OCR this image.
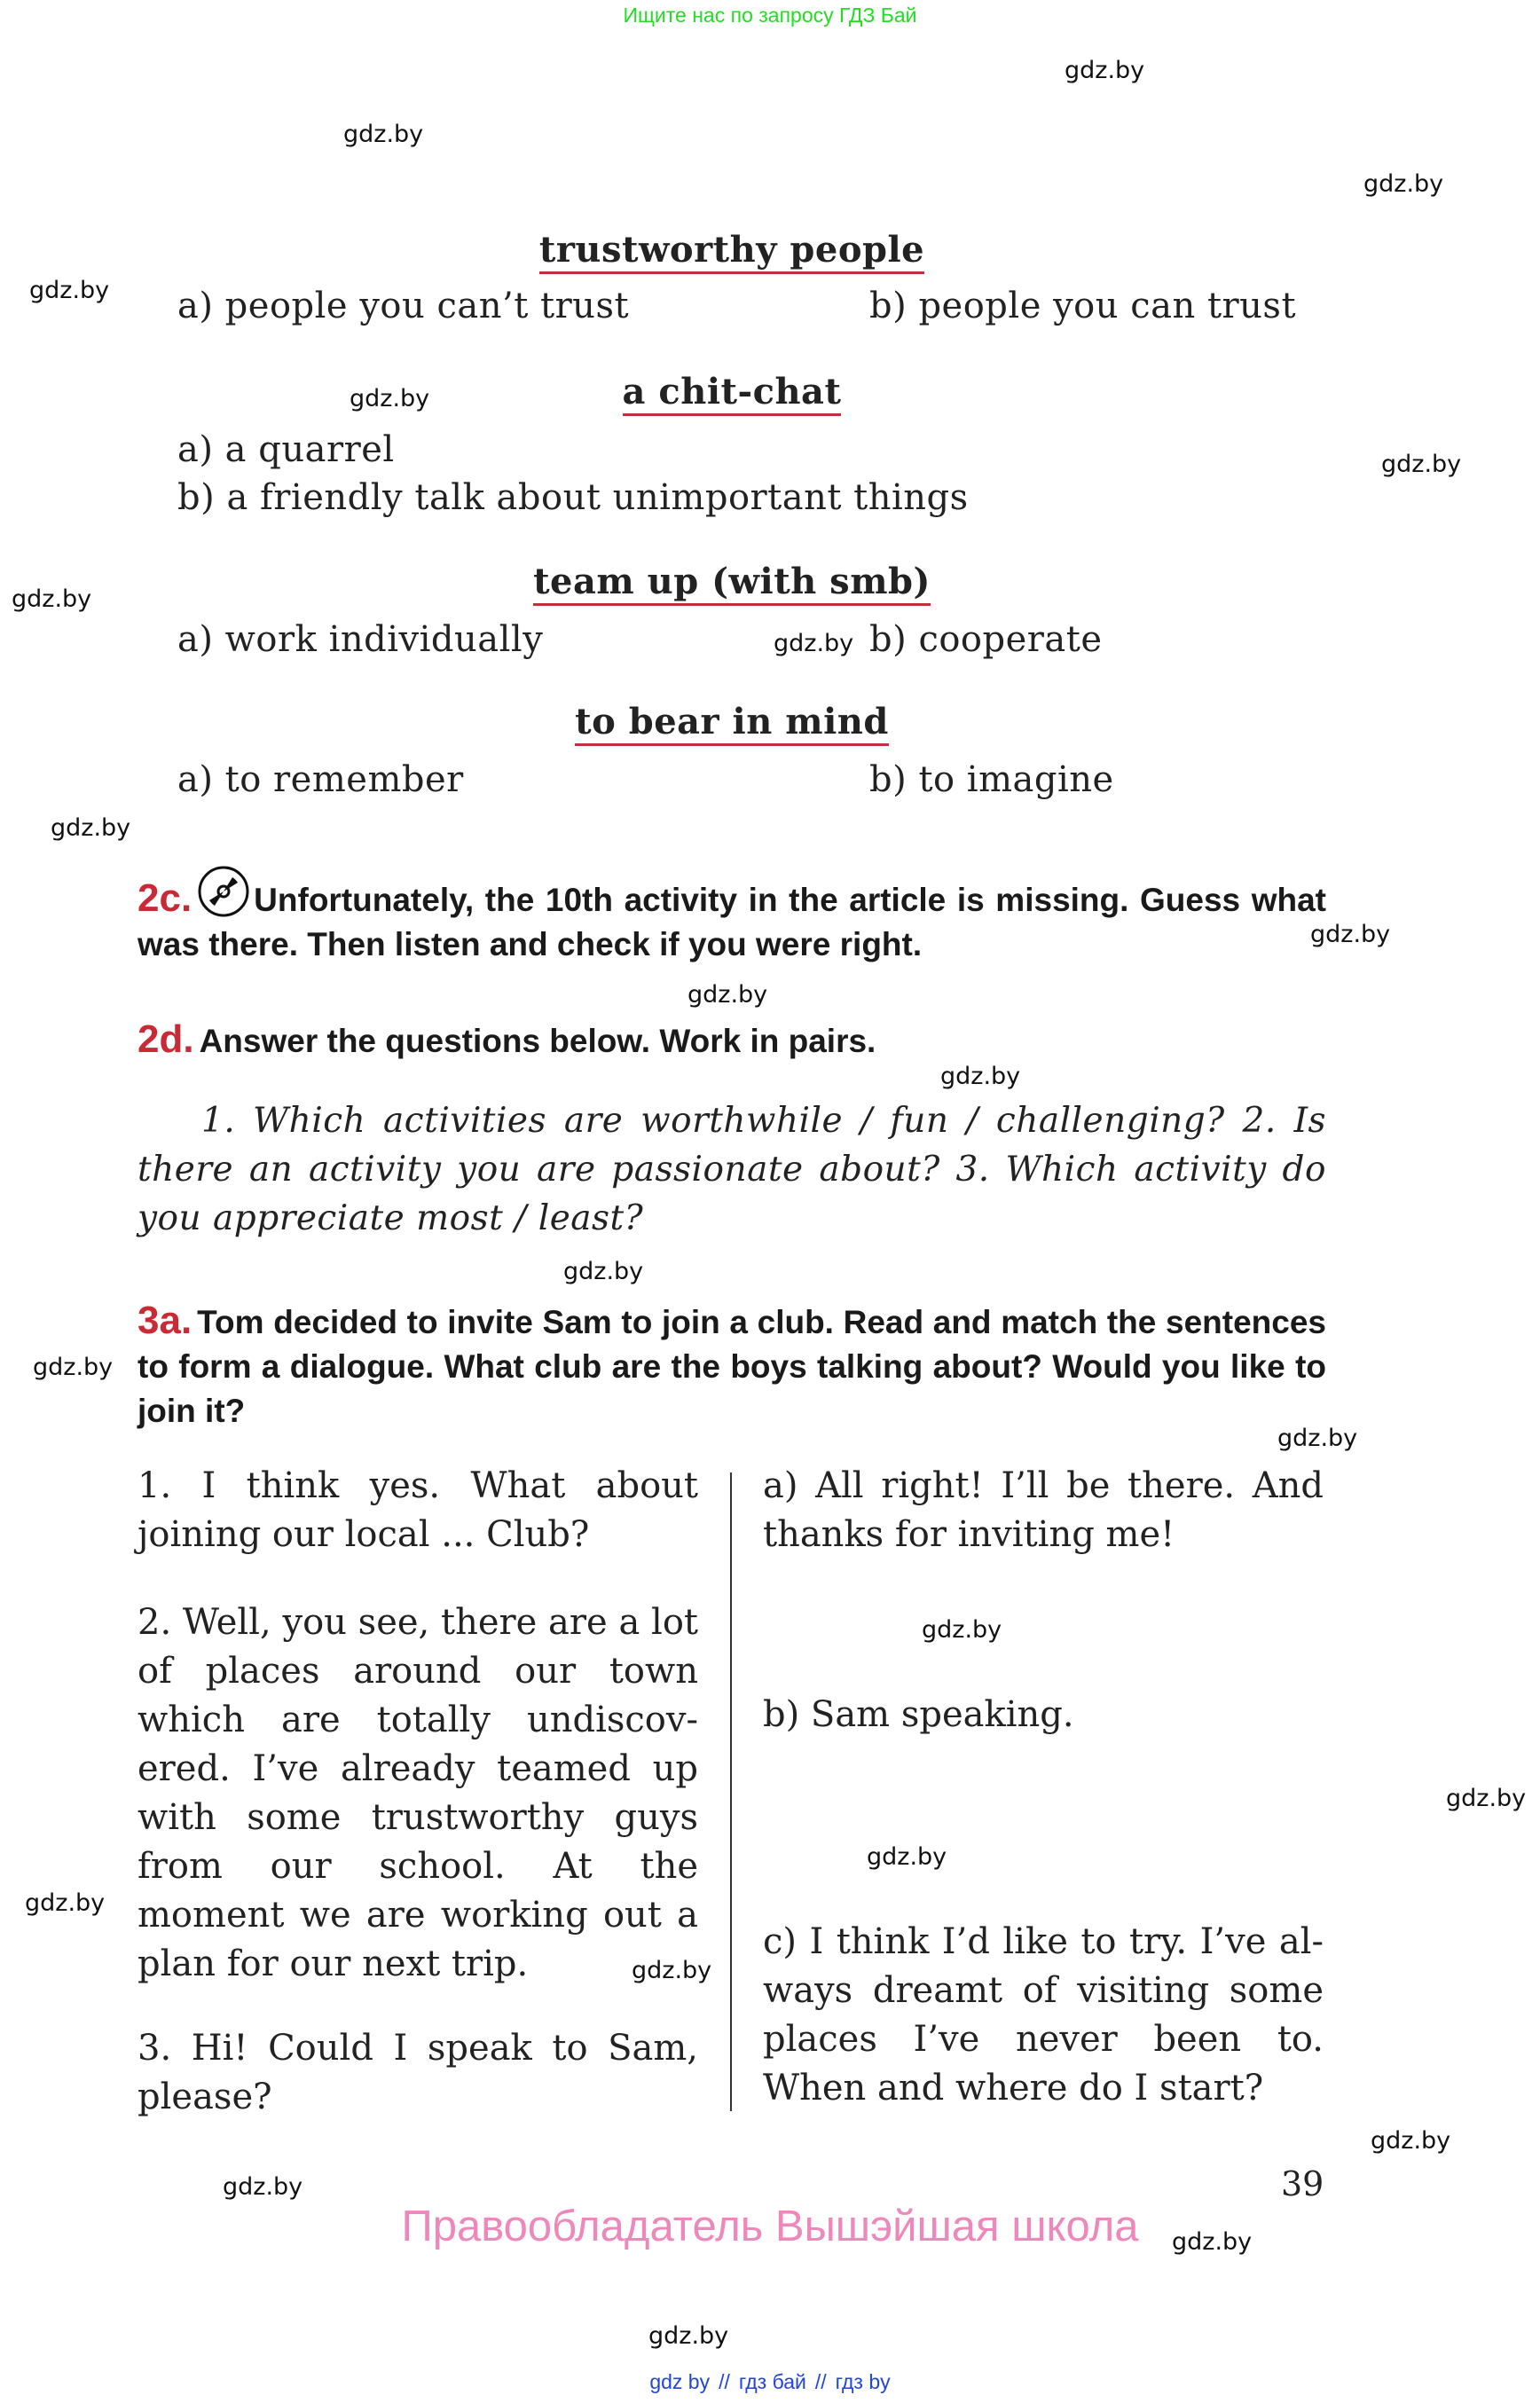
Ищите нас по запросу ГДЗ Бай
gdz.by
gdz.by
gdz.by
gdz.by
gdz.by
gdz.by
gdz.by
gdz.by
gdz.by
gdz.by
gdz.by
gdz.by
gdz.by
gdz.by
gdz.by
gdz.by
gdz.by
gdz.by
gdz.by
gdz.by
gdz.by
gdz.by
gdz.by
gdz.by
trustworthy people
a) people you can’t trust	b) people you can trust
a chit-chat
a) a quarrel
b) a friendly talk about unimportant things
team up (with smb)
a) work individually	b) cooperate
to bear in mind
a) to remember	b) to imagine
2c. Unfortunately, the 10th activity in the article is missing. Guess what was there. Then listen and check if you were right.
2d. Answer the questions below. Work in pairs.
1. Which activities are worthwhile / fun / challenging? 2. Is there an activity you are passionate about? 3. Which activity do you appreciate most / least?
3a. Tom decided to invite Sam to join a club. Read and match the sentences to form a dialogue. What club are the boys talking about? Would you like to join it?
1. I think yes. What about joining our local ... Club?
2. Well, you see, there are a lot of places around our town which are totally undiscov-ered. I’ve already teamed up with some trustworthy guys from our school. At the moment we are working out a plan for our next trip.
3. Hi! Could I speak to Sam, please?
a) All right! I’ll be there. And thanks for inviting me!
b) Sam speaking.
c) I think I’d like to try. I’ve al-ways dreamt of visiting some places I’ve never been to. When and where do I start?
39
Правообладатель Вышэйшая школа
gdz by // гдз бай // гдз by
